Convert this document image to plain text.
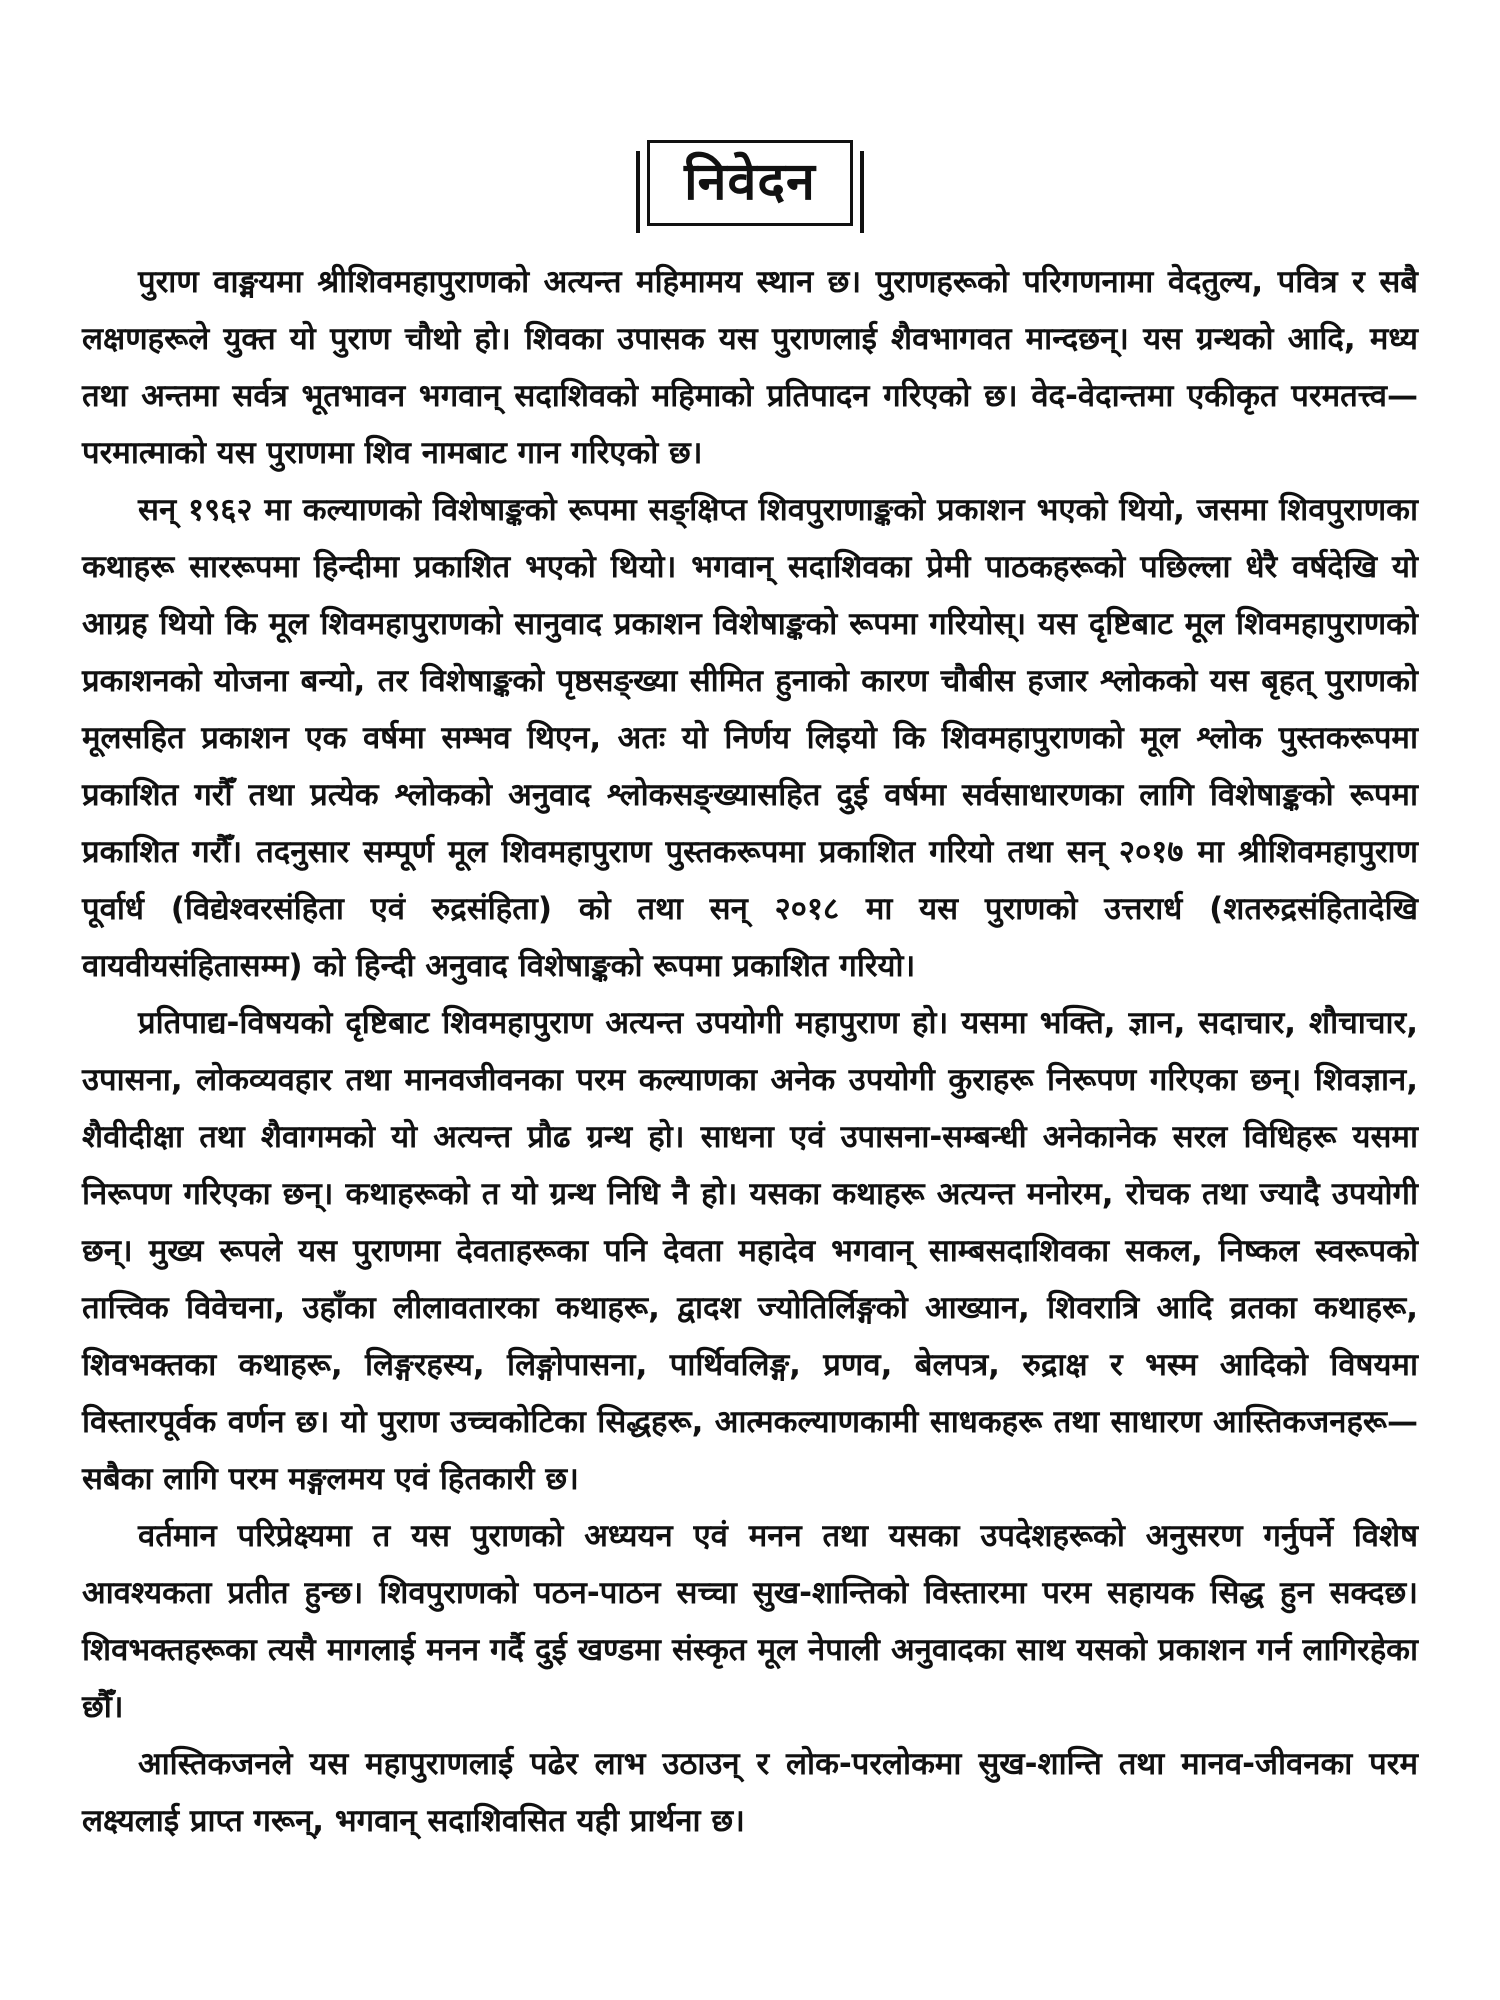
निवेदन

पुराण वाङ्मयमा श्रीशिवमहापुराणको अत्यन्त महिमामय स्थान छ। पुराणहरूको परिगणनामा वेदतुल्य, पवित्र र सबै लक्षणहरूले युक्त यो पुराण चौथो हो। शिवका उपासक यस पुराणलाई शैवभागवत मान्दछन्। यस ग्रन्थको आदि, मध्य तथा अन्तमा सर्वत्र भूतभावन भगवान् सदाशिवको महिमाको प्रतिपादन गरिएको छ। वेद-वेदान्तमा एकीकृत परमतत्त्व—परमात्माको यस पुराणमा शिव नामबाट गान गरिएको छ।

सन् १९६२ मा कल्याणको विशेषाङ्कको रूपमा सङ्क्षिप्त शिवपुराणाङ्कको प्रकाशन भएको थियो, जसमा शिवपुराणका कथाहरू साररूपमा हिन्दीमा प्रकाशित भएको थियो। भगवान् सदाशिवका प्रेमी पाठकहरूको पछिल्ला धेरै वर्षदेखि यो आग्रह थियो कि मूल शिवमहापुराणको सानुवाद प्रकाशन विशेषाङ्कको रूपमा गरियोस्। यस दृष्टिबाट मूल शिवमहापुराणको प्रकाशनको योजना बन्यो, तर विशेषाङ्कको पृष्ठसङ्ख्या सीमित हुनाको कारण चौबीस हजार श्लोकको यस बृहत् पुराणको मूलसहित प्रकाशन एक वर्षमा सम्भव थिएन, अतः यो निर्णय लिइयो कि शिवमहापुराणको मूल श्लोक पुस्तकरूपमा प्रकाशित गरौँ तथा प्रत्येक श्लोकको अनुवाद श्लोकसङ्ख्यासहित दुई वर्षमा सर्वसाधारणका लागि विशेषाङ्कको रूपमा प्रकाशित गरौँ। तदनुसार सम्पूर्ण मूल शिवमहापुराण पुस्तकरूपमा प्रकाशित गरियो तथा सन् २०१७ मा श्रीशिवमहापुराण पूर्वार्ध (विद्येश्वरसंहिता एवं रुद्रसंहिता) को तथा सन् २०१८ मा यस पुराणको उत्तरार्ध (शतरुद्रसंहितादेखि वायवीयसंहितासम्म) को हिन्दी अनुवाद विशेषाङ्कको रूपमा प्रकाशित गरियो।

प्रतिपाद्य-विषयको दृष्टिबाट शिवमहापुराण अत्यन्त उपयोगी महापुराण हो। यसमा भक्ति, ज्ञान, सदाचार, शौचाचार, उपासना, लोकव्यवहार तथा मानवजीवनका परम कल्याणका अनेक उपयोगी कुराहरू निरूपण गरिएका छन्। शिवज्ञान, शैवीदीक्षा तथा शैवागमको यो अत्यन्त प्रौढ ग्रन्थ हो। साधना एवं उपासना-सम्बन्धी अनेकानेक सरल विधिहरू यसमा निरूपण गरिएका छन्। कथाहरूको त यो ग्रन्थ निधि नै हो। यसका कथाहरू अत्यन्त मनोरम, रोचक तथा ज्यादै उपयोगी छन्। मुख्य रूपले यस पुराणमा देवताहरूका पनि देवता महादेव भगवान् साम्बसदाशिवका सकल, निष्कल स्वरूपको तात्त्विक विवेचना, उहाँका लीलावतारका कथाहरू, द्वादश ज्योतिर्लिङ्गको आख्यान, शिवरात्रि आदि व्रतका कथाहरू, शिवभक्तका कथाहरू, लिङ्गरहस्य, लिङ्गोपासना, पार्थिवलिङ्ग, प्रणव, बेलपत्र, रुद्राक्ष र भस्म आदिको विषयमा विस्तारपूर्वक वर्णन छ। यो पुराण उच्चकोटिका सिद्धहरू, आत्मकल्याणकामी साधकहरू तथा साधारण आस्तिकजनहरू—सबैका लागि परम मङ्गलमय एवं हितकारी छ।

वर्तमान परिप्रेक्ष्यमा त यस पुराणको अध्ययन एवं मनन तथा यसका उपदेशहरूको अनुसरण गर्नुपर्ने विशेष आवश्यकता प्रतीत हुन्छ। शिवपुराणको पठन-पाठन सच्चा सुख-शान्तिको विस्तारमा परम सहायक सिद्ध हुन सक्दछ। शिवभक्तहरूका त्यसै मागलाई मनन गर्दै दुई खण्डमा संस्कृत मूल नेपाली अनुवादका साथ यसको प्रकाशन गर्न लागिरहेका छौँ।

आस्तिकजनले यस महापुराणलाई पढेर लाभ उठाउन् र लोक-परलोकमा सुख-शान्ति तथा मानव-जीवनका परम लक्ष्यलाई प्राप्त गरून्, भगवान् सदाशिवसित यही प्रार्थना छ।
